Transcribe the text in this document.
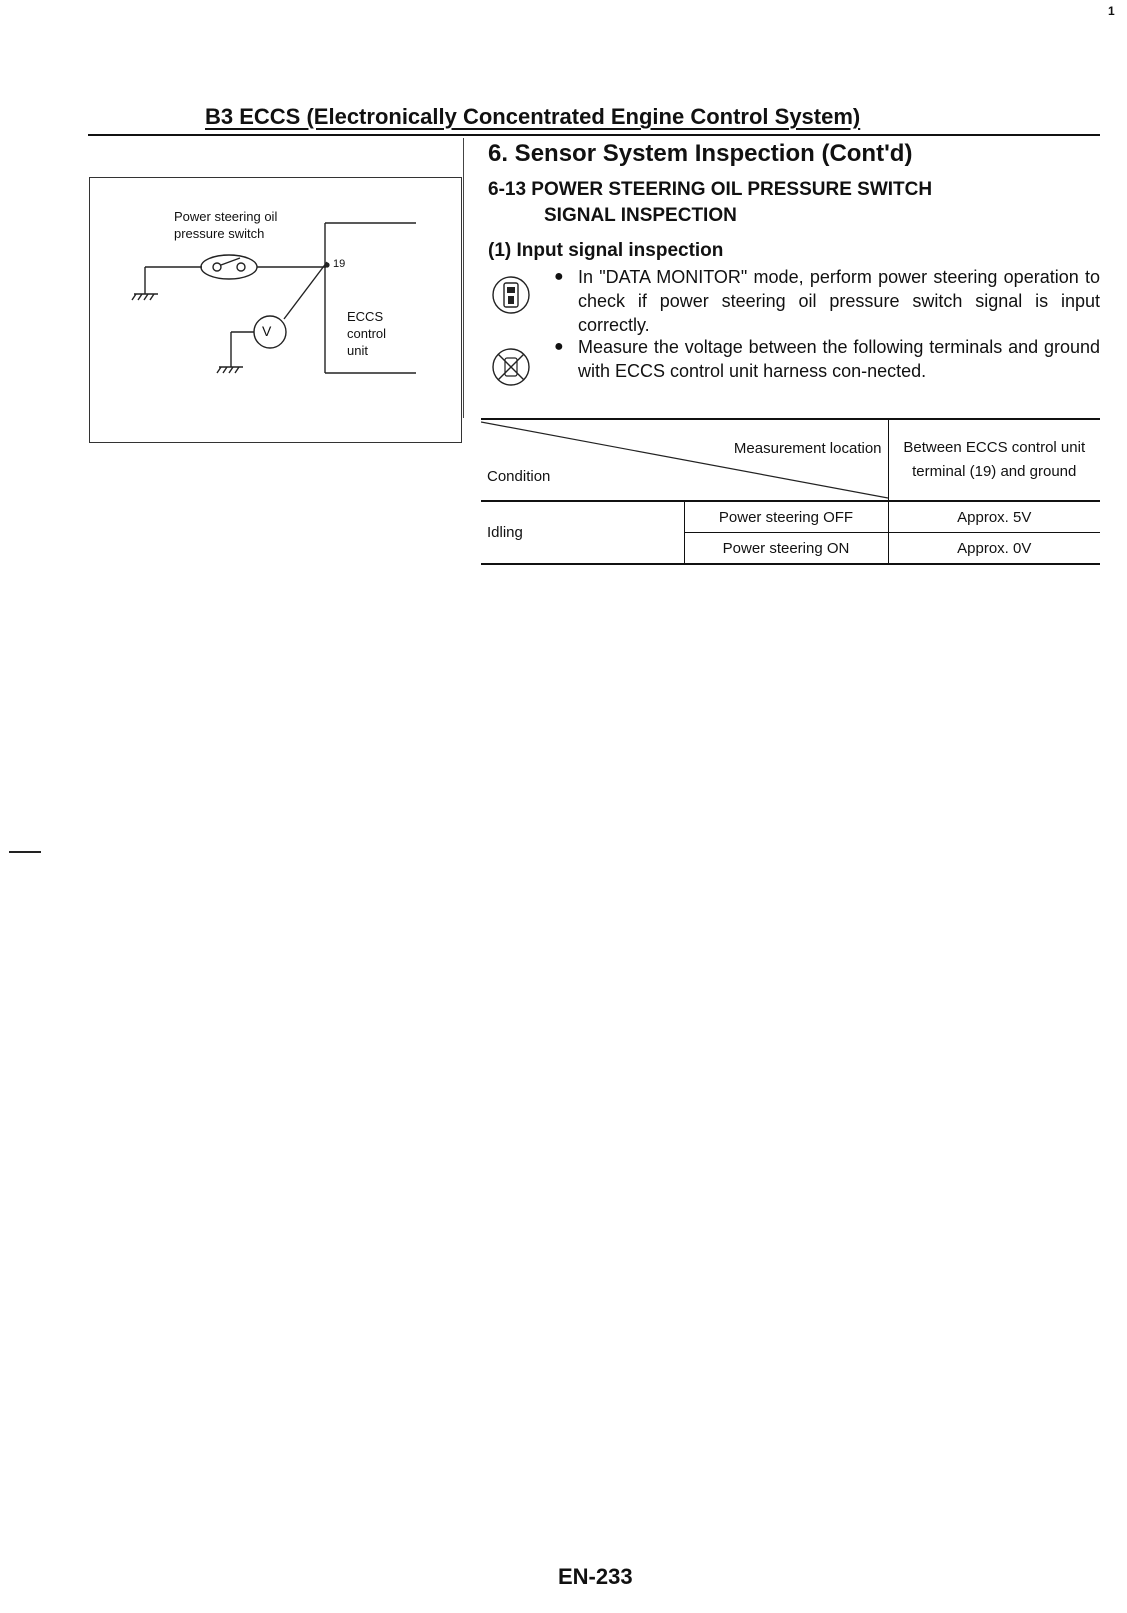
1
B3 ECCS (Electronically Concentrated Engine Control System)
Power steering oil
pressure switch
19
V
ECCS
control
unit
6. Sensor System Inspection (Cont'd)
6-13 POWER STEERING OIL PRESSURE SWITCH
SIGNAL INSPECTION
(1) Input signal inspection
● In "DATA MONITOR" mode, perform power steering operation to check if power steering oil pressure switch signal is input correctly.
● Measure the voltage between the following terminals and ground with ECCS control unit harness con-nected.
Condition
Measurement location		Between ECCS control unit terminal (19) and ground
Idling	Power steering OFF	Approx. 5V
	Power steering ON	Approx. 0V
EN-233
